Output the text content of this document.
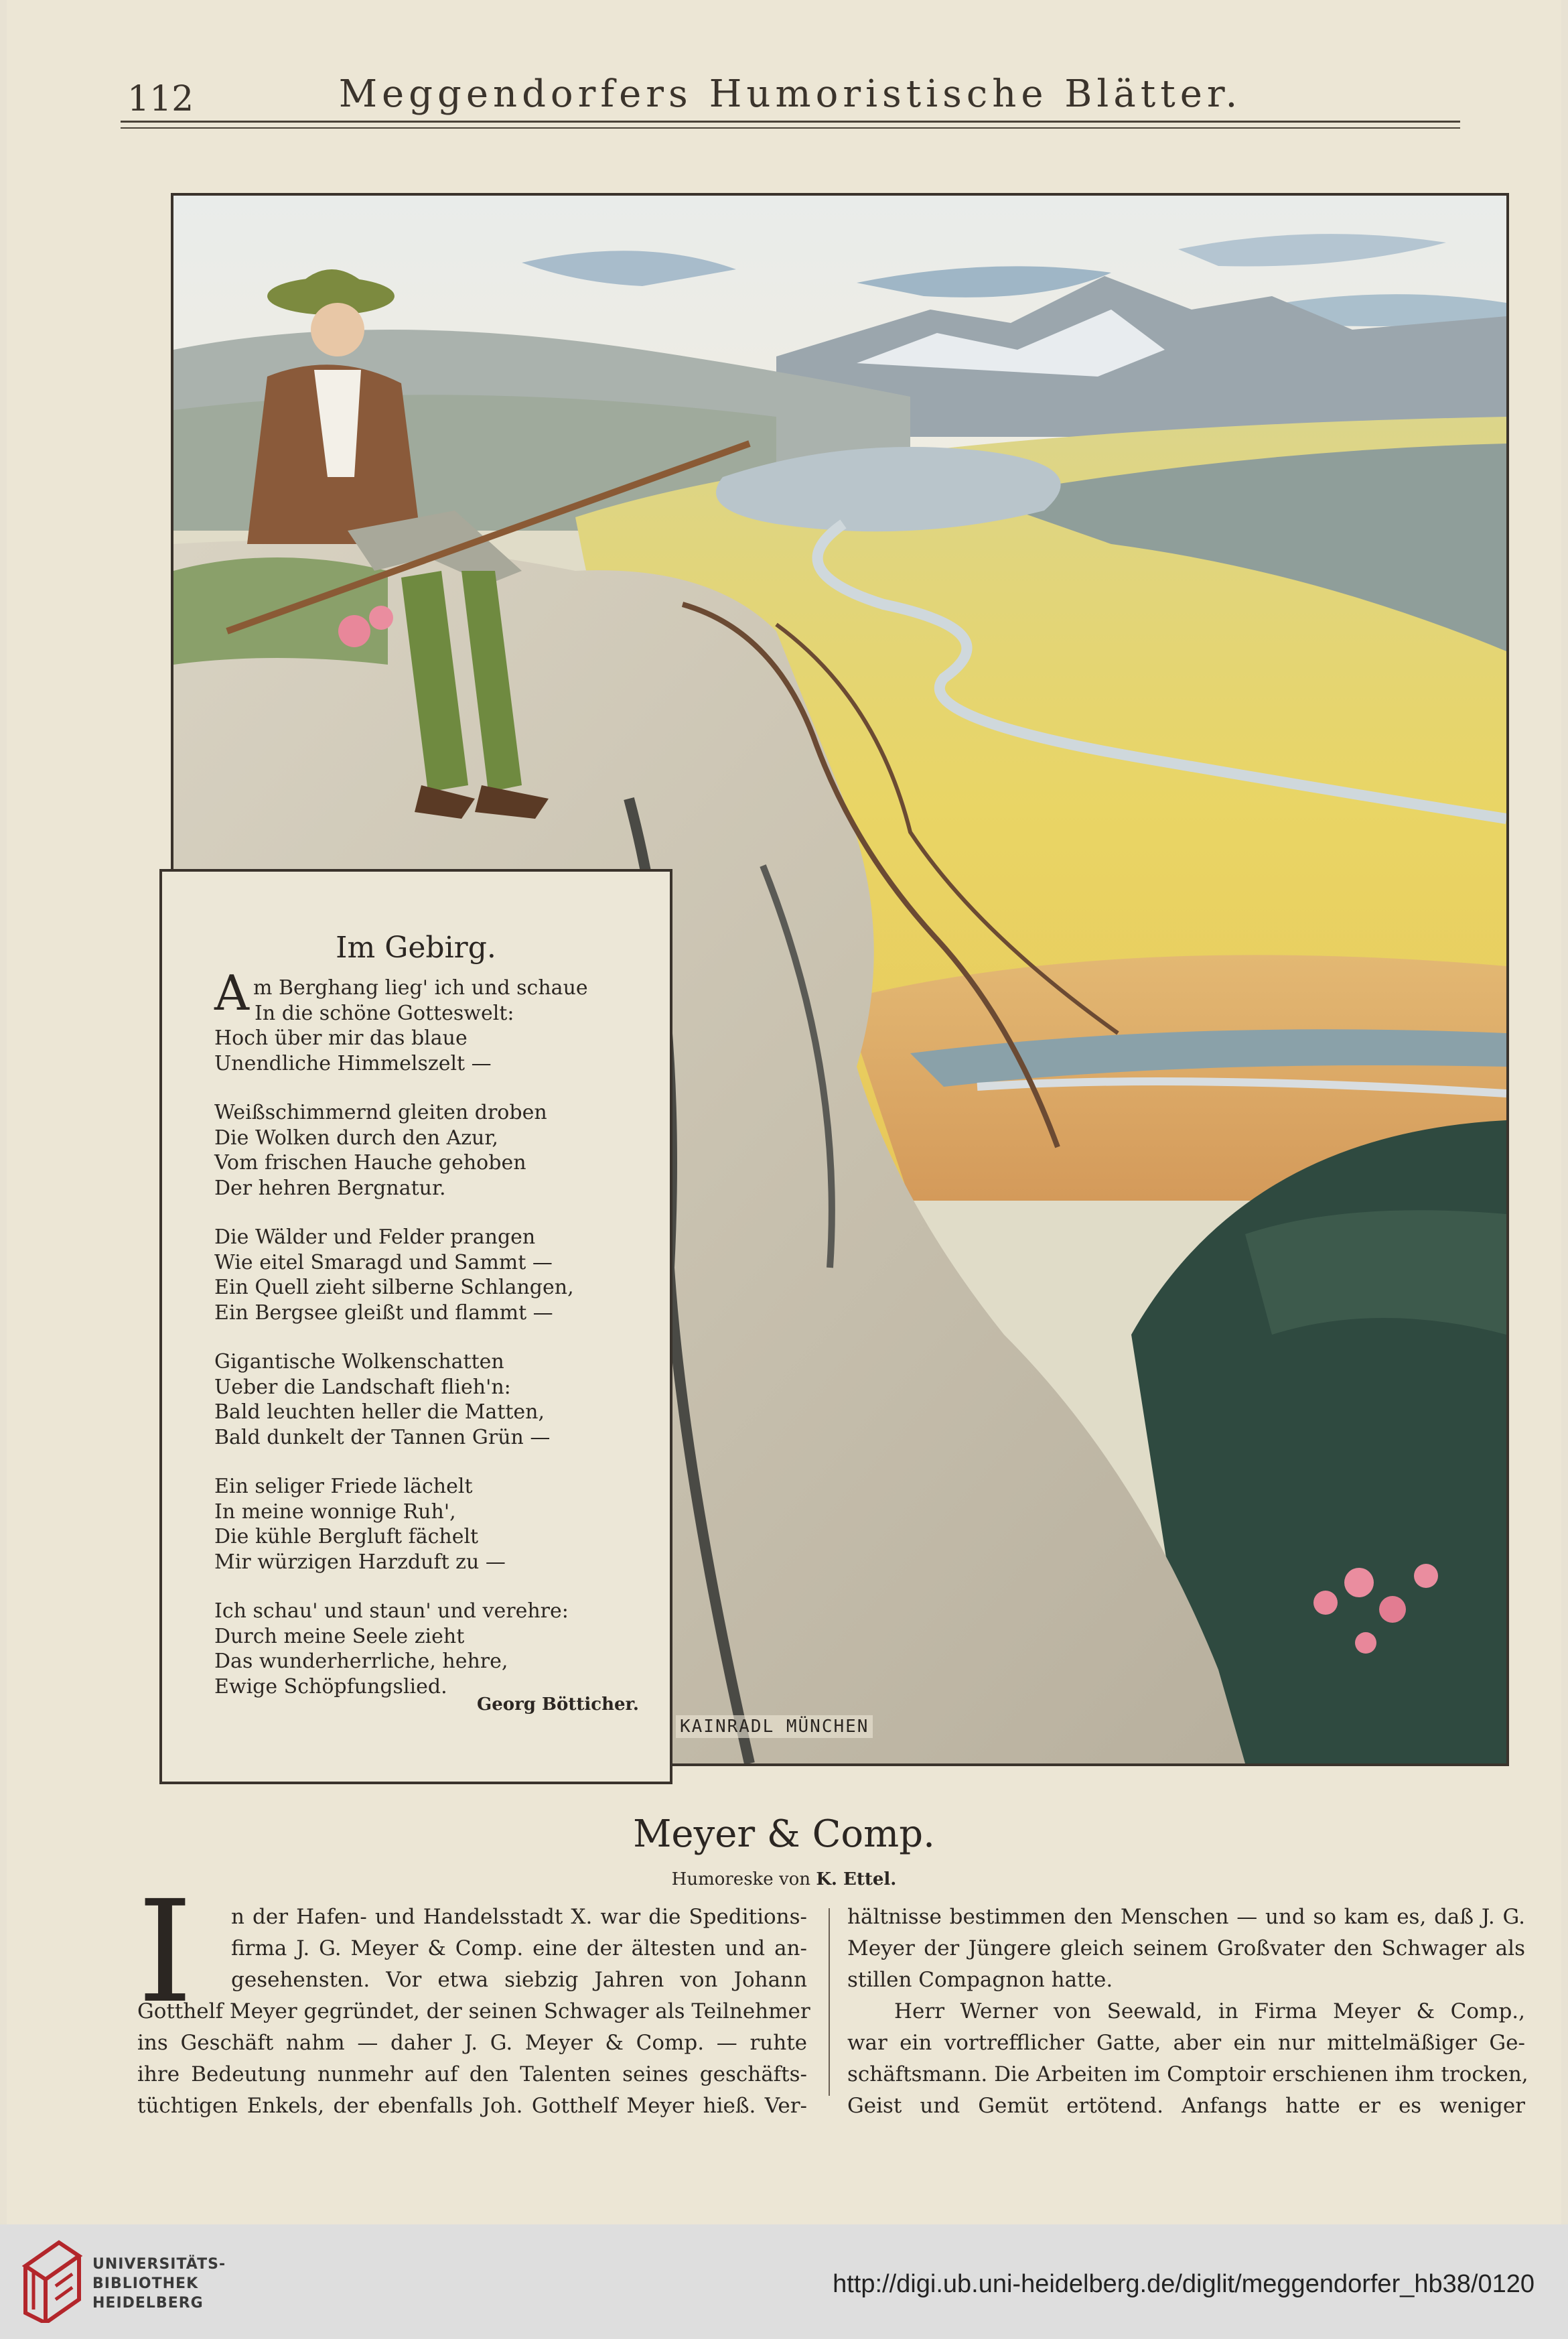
112	Meggendorfers Humoristische Blätter.
KAINRADL MÜNCHEN
Im Gebirg.
Am Berghang lieg' ich und schaue
In die schöne Gotteswelt:
Hoch über mir das blaue
Unendliche Himmelszelt —
Weißschimmernd gleiten droben
Die Wolken durch den Azur,
Vom frischen Hauche gehoben
Der hehren Bergnatur.
Die Wälder und Felder prangen
Wie eitel Smaragd und Sammt —
Ein Quell zieht silberne Schlangen,
Ein Bergsee gleißt und flammt —
Gigantische Wolkenschatten
Ueber die Landschaft flieh'n:
Bald leuchten heller die Matten,
Bald dunkelt der Tannen Grün —
Ein seliger Friede lächelt
In meine wonnige Ruh',
Die kühle Bergluft fächelt
Mir würzigen Harzduft zu —
Ich schau' und staun' und verehre:
Durch meine Seele zieht
Das wunderherrliche, hehre,
Ewige Schöpfungslied.
Georg Bötticher.
Meyer & Comp.
Humoreske von K. Ettel.
I	n der Hafen- und Handelsstadt X. war die Speditions-
firma J. G. Meyer & Comp. eine der ältesten und an-
gesehensten. Vor etwa siebzig Jahren von Johann
Gotthelf Meyer gegründet, der seinen Schwager als Teilnehmer
ins Geschäft nahm — daher J. G. Meyer & Comp. — ruhte
ihre Bedeutung nunmehr auf den Talenten seines geschäfts-
tüchtigen Enkels, der ebenfalls Joh. Gotthelf Meyer hieß. Ver-
hältnisse bestimmen den Menschen — und so kam es, daß J. G.
Meyer der Jüngere gleich seinem Großvater den Schwager als
stillen Compagnon hatte.
Herr Werner von Seewald, in Firma Meyer & Comp.,
war ein vortrefflicher Gatte, aber ein nur mittelmäßiger Ge-
schäftsmann. Die Arbeiten im Comptoir erschienen ihm trocken,
Geist und Gemüt ertötend. Anfangs hatte er es weniger
UNIVERSITÄTS-
BIBLIOTHEK
HEIDELBERG
http://digi.ub.uni-heidelberg.de/diglit/meggendorfer_hb38/0120
